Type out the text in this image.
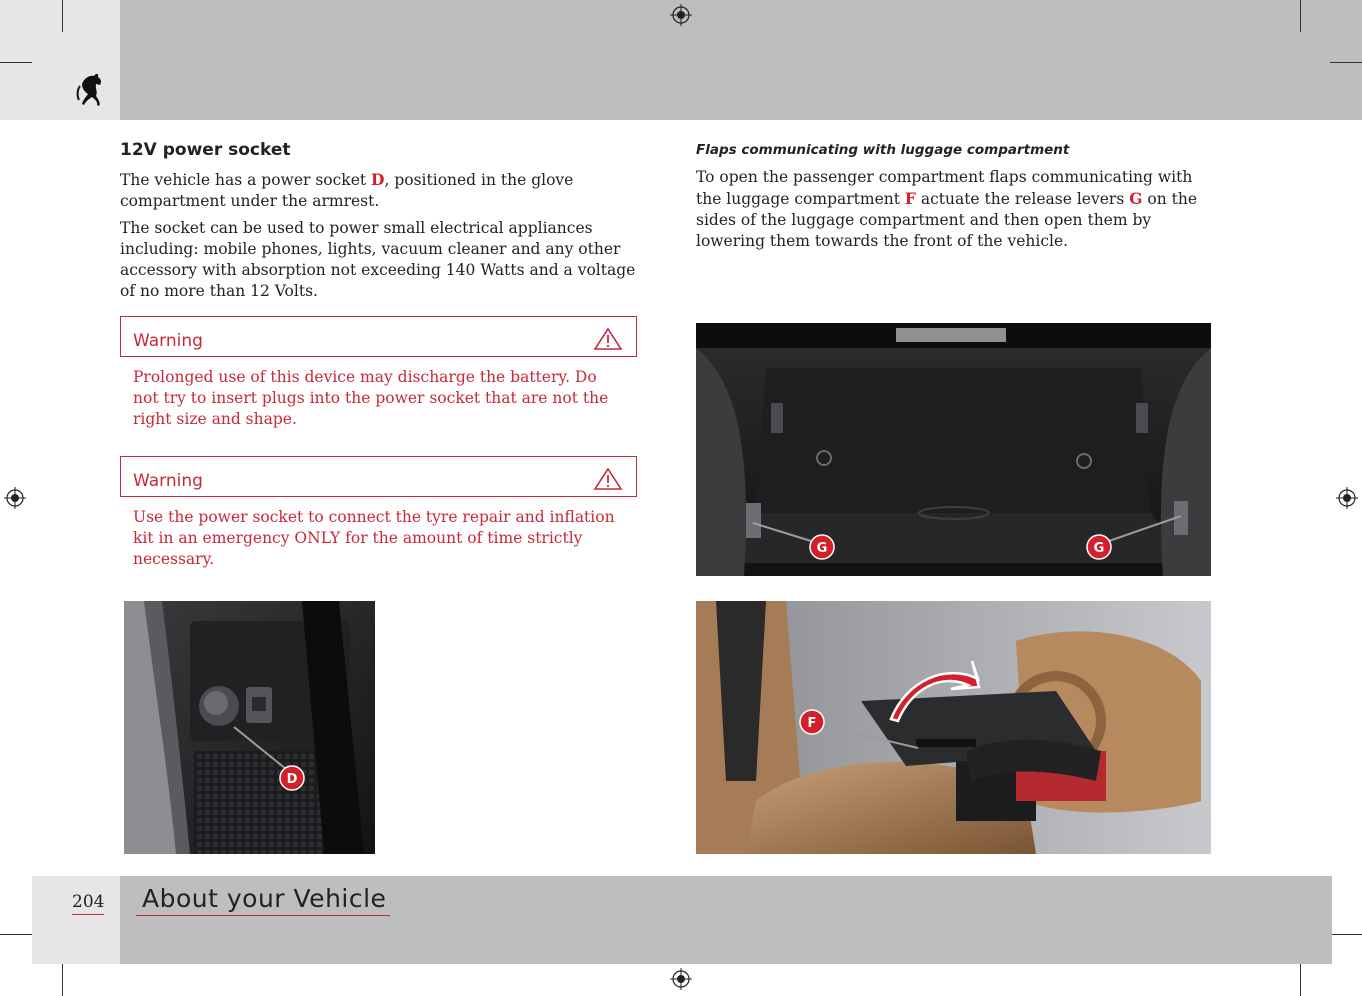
12V power socket
The vehicle has a power socket D, positioned in the glove compartment under the armrest.
The socket can be used to power small electrical appliances including: mobile phones, lights, vacuum cleaner and any other accessory with absorption not exceeding 140 Watts and a voltage of no more than 12 Volts.
Warning
Prolonged use of this device may discharge the battery. Do not try to insert plugs into the power socket that are not the right size and shape.
Warning
Use the power socket to connect the tyre repair and inflation kit in an emergency ONLY for the amount of time strictly necessary.
D
Flaps communicating with luggage compartment
To open the passenger compartment flaps communicating with the luggage compartment F actuate the release levers G on the sides of the luggage compartment and then open them by lowering them towards the front of the vehicle.
G	G
F
204 About your Vehicle
